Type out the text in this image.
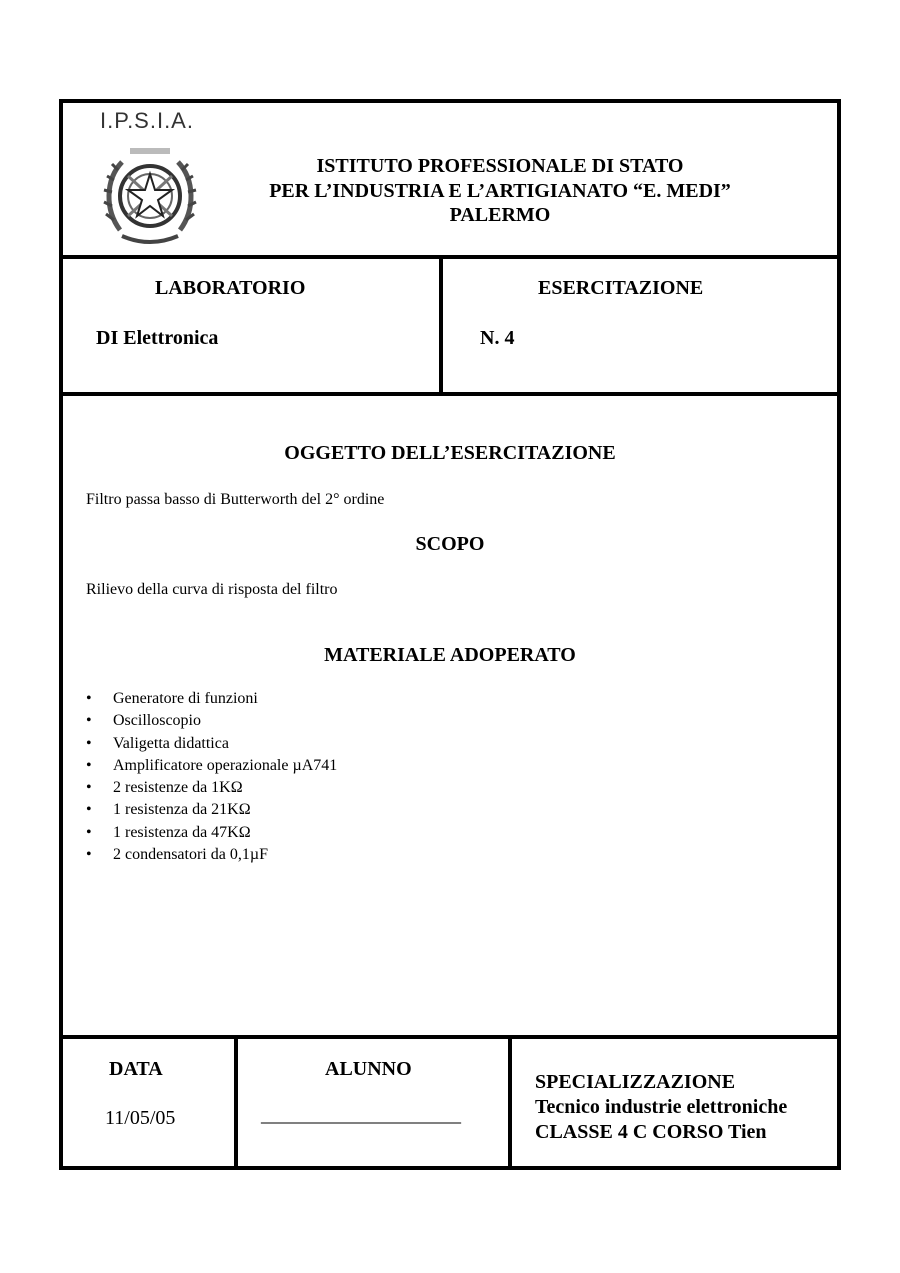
I.P.S.I.A.
ISTITUTO PROFESSIONALE DI STATO
PER L’INDUSTRIA E L’ARTIGIANATO “E. MEDI”
PALERMO
LABORATORIO
DI Elettronica
ESERCITAZIONE
N. 4
OGGETTO DELL’ESERCITAZIONE
Filtro passa basso di Butterworth del 2° ordine
SCOPO
Rilievo della curva di risposta del filtro
MATERIALE ADOPERATO
• Generatore di funzioni
• Oscilloscopio
• Valigetta didattica
• Amplificatore operazionale µA741
• 2 resistenze da 1KΩ
• 1 resistenza da 21KΩ
• 1 resistenza da 47KΩ
• 2 condensatori da 0,1µF
DATA
11/05/05
ALUNNO
____________________
SPECIALIZZAZIONE
Tecnico industrie elettroniche
CLASSE 4 C CORSO Tien
